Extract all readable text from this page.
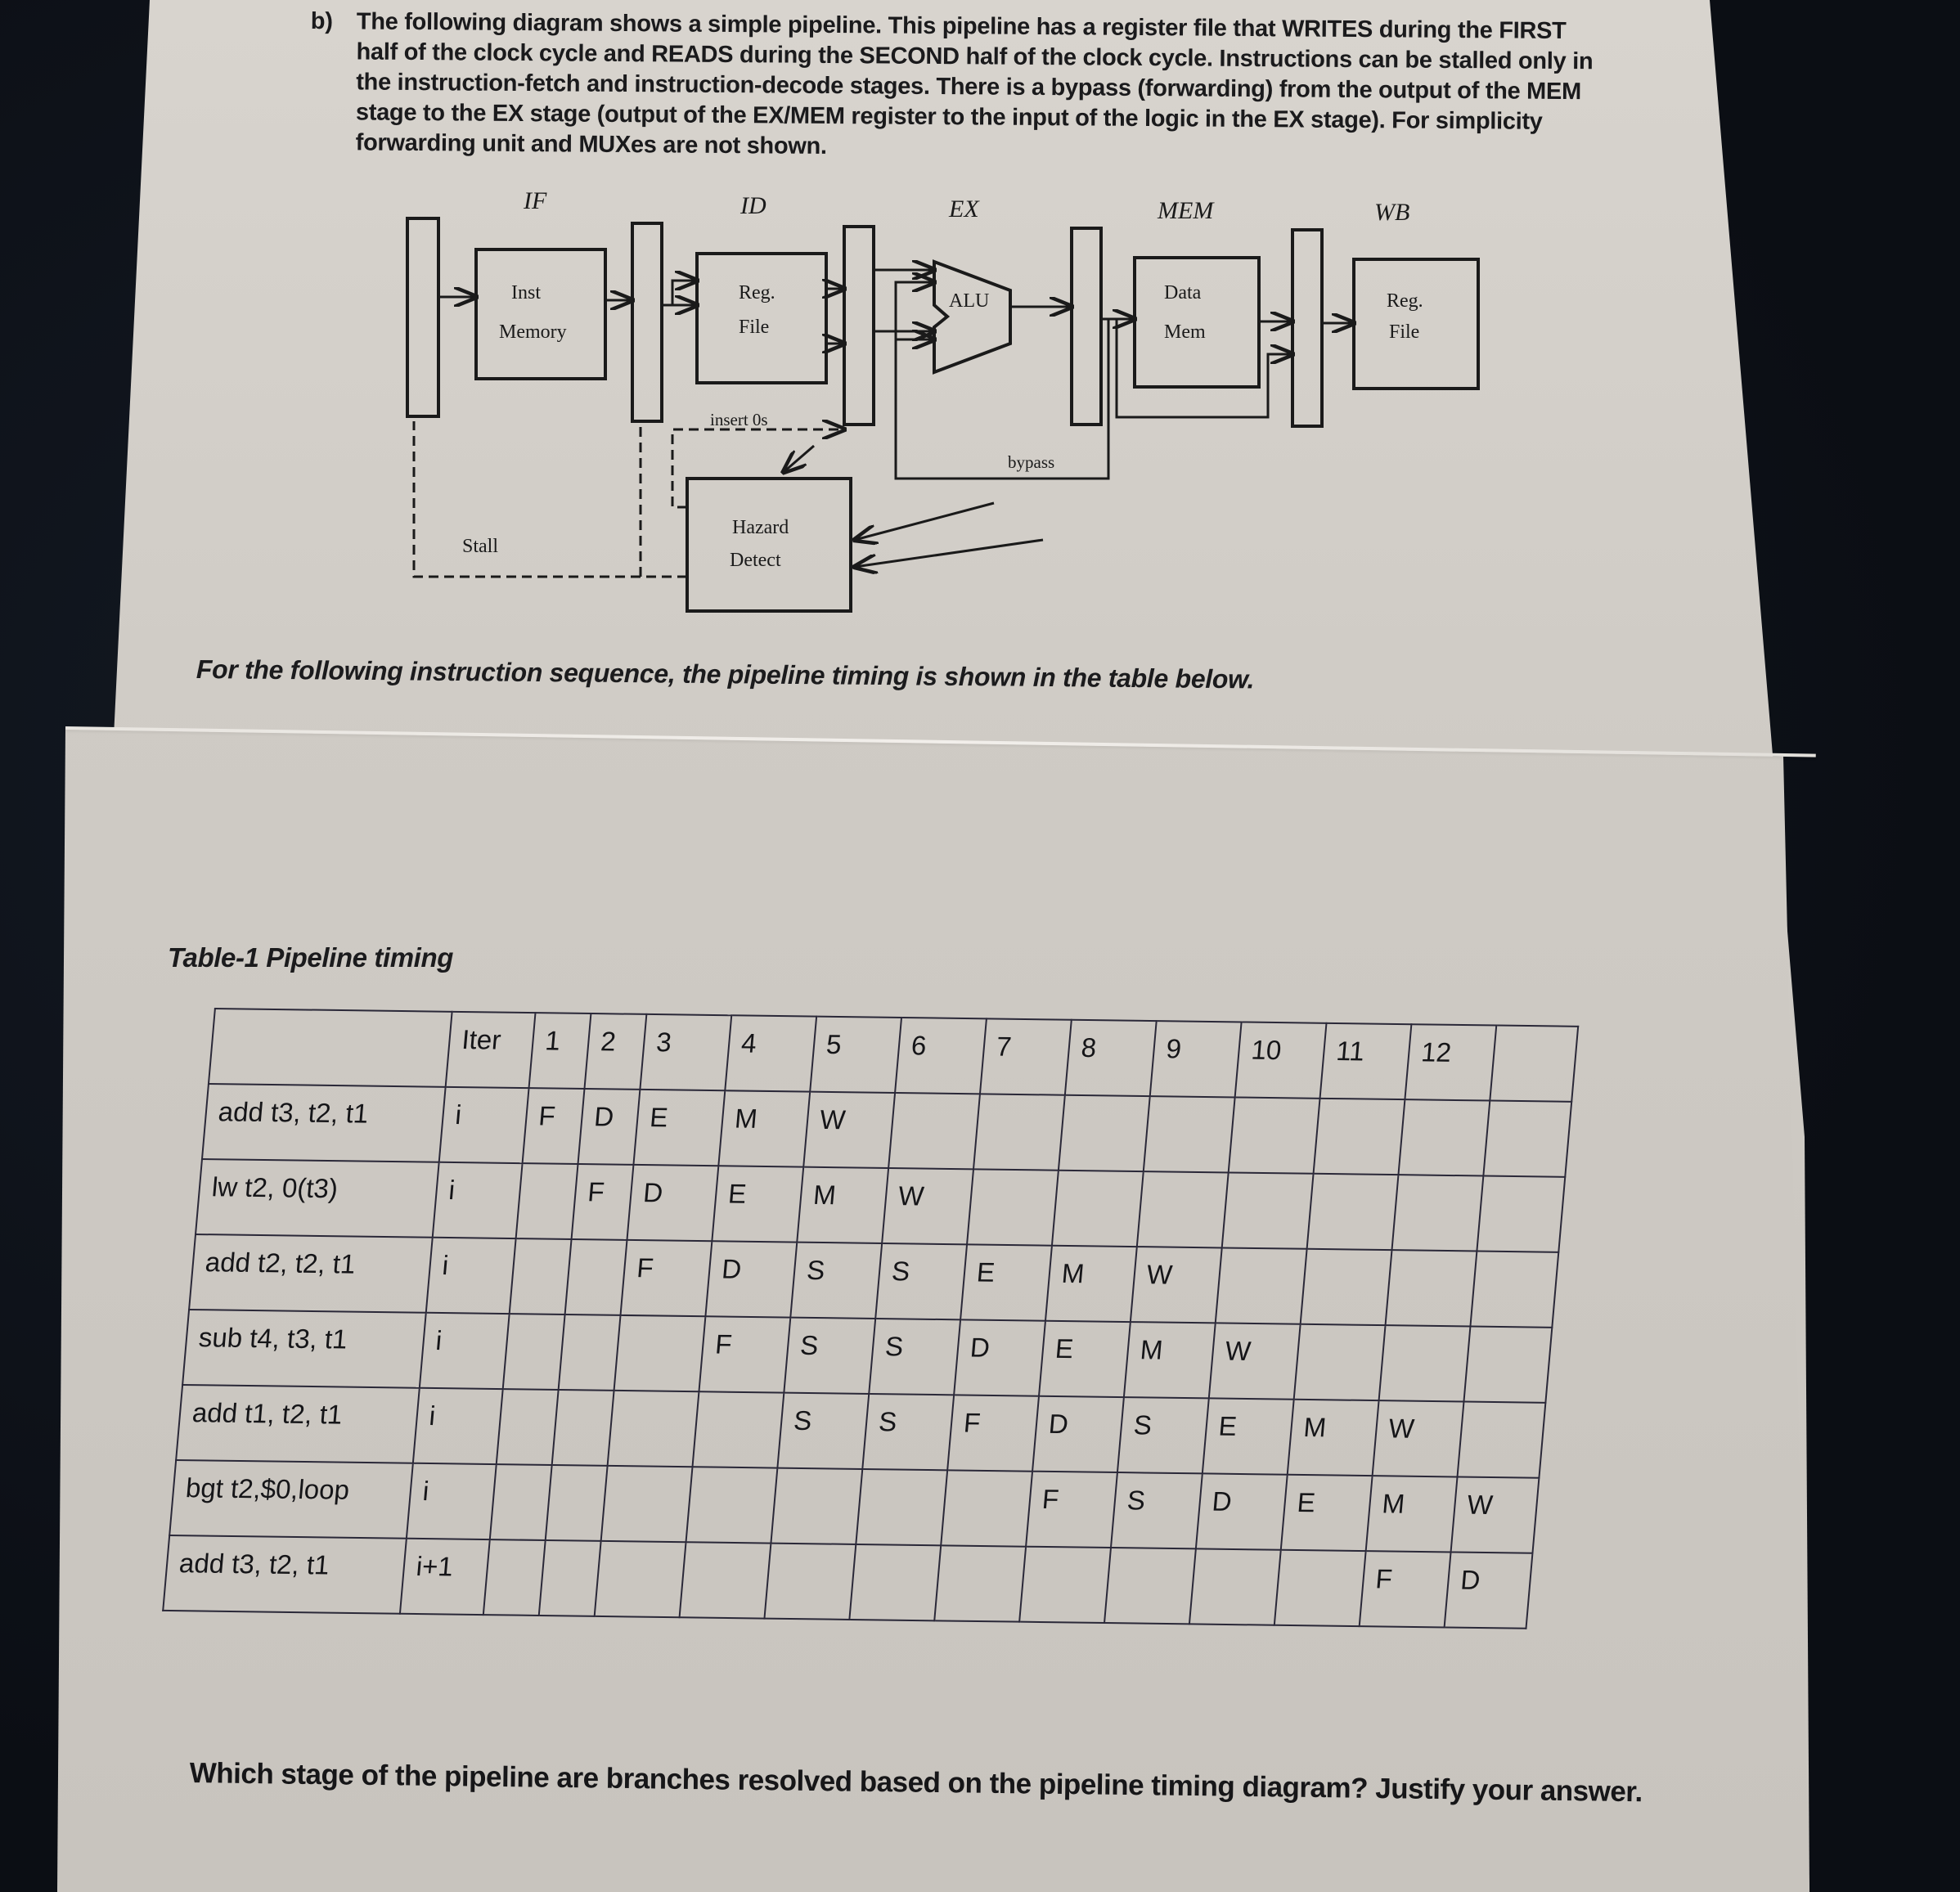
b) The following diagram shows a simple pipeline. This pipeline has a register file that WRITES during the FIRST half of the clock cycle and READS during the SECOND half of the clock cycle. Instructions can be stalled only in the instruction-fetch and instruction-decode stages. There is a bypass (forwarding) from the output of the MEM stage to the EX stage (output of the EX/MEM register to the input of the logic in the EX stage). For simplicity forwarding unit and MUXes are not shown.
IF	ID	EX	MEM	WB
Inst
Memory
Reg.
File
ALU	Data
Mem
Reg.
File
Hazard
Detect
insert 0s
bypass
Stall
For the following instruction sequence, the pipeline timing is shown in the table below.
Table-1 Pipeline timing
	Iter	1	2	3	4	5	6	7	8	9	10	11	12	
add t3, t2, t1	i	F	D	E	M	W								
lw t2, 0(t3)	i		F	D	E	M	W							
add t2, t2, t1	i			F	D	S	S	E	M	W				
sub t4, t3, t1	i				F	S	S	D	E	M	W			
add t1, t2, t1	i					S	S	F	D	S	E	M	W	
bgt t2,$0,loop	i								F	S	D	E	M	W
add t3, t2, t1	i+1												F	D
Which stage of the pipeline are branches resolved based on the pipeline timing diagram? Justify your answer.
